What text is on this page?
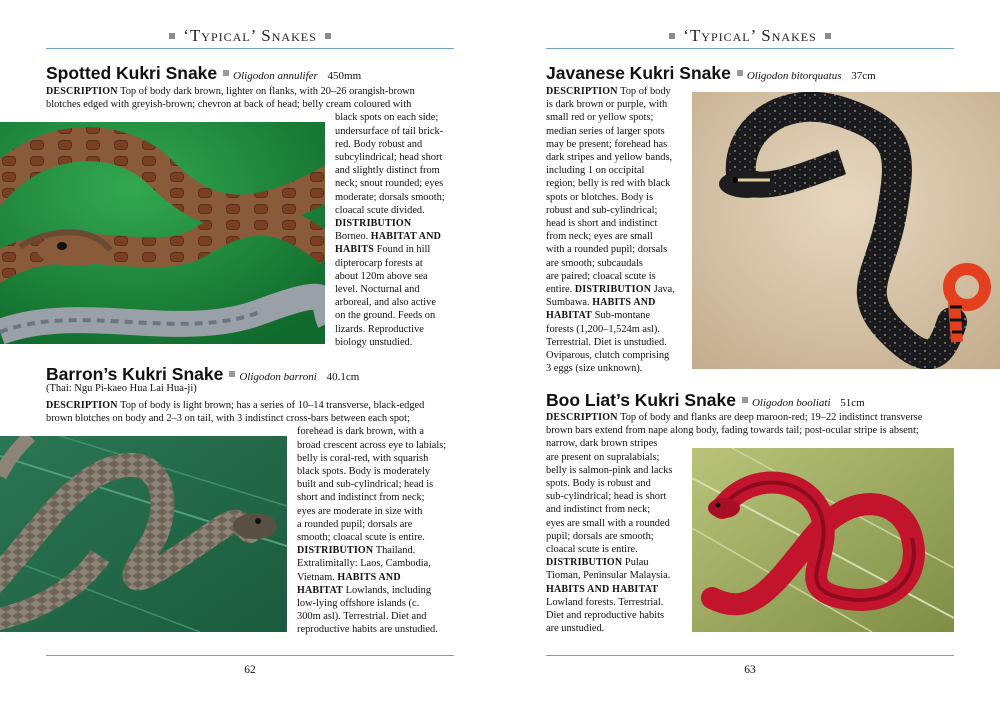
‘Typical’ Snakes
Spotted Kukri Snake Oligodon annulifer 450mm
DESCRIPTION Top of body dark brown, lighter on flanks, with 20–26 orangish-brown
blotches edged with greyish-brown; chevron at back of head; belly cream coloured with
black spots on each side;
undersurface of tail brick-
red. Body robust and
subcylindrical; head short
and slightly distinct from
neck; snout rounded; eyes
moderate; dorsals smooth;
cloacal scute divided.
DISTRIBUTION
Borneo. HABITAT AND
HABITS Found in hill
dipterocarp forests at
about 120m above sea
level. Nocturnal and
arboreal, and also active
on the ground. Feeds on
lizards. Reproductive
biology unstudied.
Barron’s Kukri Snake Oligodon barroni 40.1cm
(Thai: Ngu Pi-kaeo Hua Lai Hua-ji)
DESCRIPTION Top of body is light brown; has a series of 10–14 transverse, black-edged
brown blotches on body and 2–3 on tail, with 3 indistinct cross-bars between each spot;
forehead is dark brown, with a
broad crescent across eye to labials;
belly is coral-red, with squarish
black spots. Body is moderately
built and sub-cylindrical; head is
short and indistinct from neck;
eyes are moderate in size with
a rounded pupil; dorsals are
smooth; cloacal scute is entire.
DISTRIBUTION Thailand.
Extralimitally: Laos, Cambodia,
Vietnam. HABITS AND
HABITAT Lowlands, including
low-lying offshore islands (c.
300m asl). Terrestrial. Diet and
reproductive habits are unstudied.
62
‘Typical’ Snakes
Javanese Kukri Snake Oligodon bitorquatus 37cm
DESCRIPTION Top of body
is dark brown or purple, with
small red or yellow spots;
median series of larger spots
may be present; forehead has
dark stripes and yellow bands,
including 1 on occipital
region; belly is red with black
spots or blotches. Body is
robust and sub-cylindrical;
head is short and indistinct
from neck; eyes are small
with a rounded pupil; dorsals
are smooth; subcaudals
are paired; cloacal scute is
entire. DISTRIBUTION Java,
Sumbawa. HABITS AND
HABITAT Sub-montane
forests (1,200–1,524m asl).
Terrestrial. Diet is unstudied.
Oviparous, clutch comprising
3 eggs (size unknown).
Boo Liat’s Kukri Snake Oligodon booliati 51cm
DESCRIPTION Top of body and flanks are deep maroon-red; 19–22 indistinct transverse
brown bars extend from nape along body, fading towards tail; post-ocular stripe is absent;
narrow, dark brown stripes
are present on supralabials;
belly is salmon-pink and lacks
spots. Body is robust and
sub-cylindrical; head is short
and indistinct from neck;
eyes are small with a rounded
pupil; dorsals are smooth;
cloacal scute is entire.
DISTRIBUTION Pulau
Tioman, Peninsular Malaysia.
HABITS AND HABITAT
Lowland forests. Terrestrial.
Diet and reproductive habits
are unstudied.
63
